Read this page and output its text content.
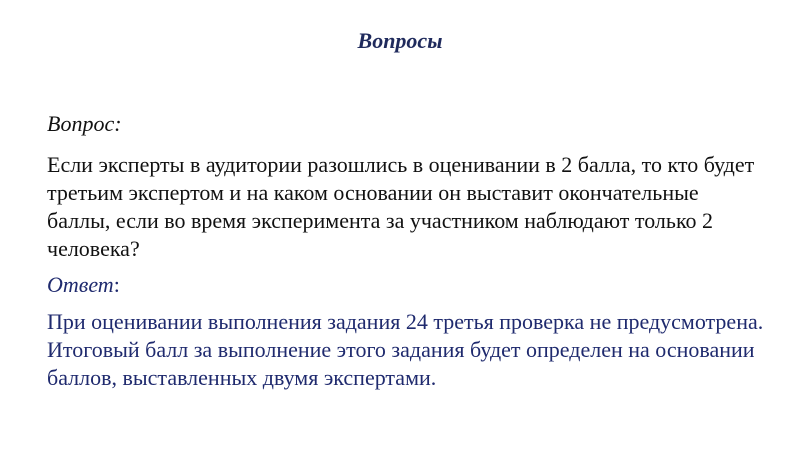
Вопросы

Вопрос:

Если эксперты в аудитории разошлись в оценивании в 2 балла, то кто будет третьим экспертом и на каком основании он выставит окончательные баллы, если во время эксперимента за участником наблюдают только 2 человека?

Ответ:

При оценивании выполнения задания 24 третья проверка не предусмотрена. Итоговый балл за выполнение этого задания будет определен на основании баллов, выставленных двумя экспертами.
